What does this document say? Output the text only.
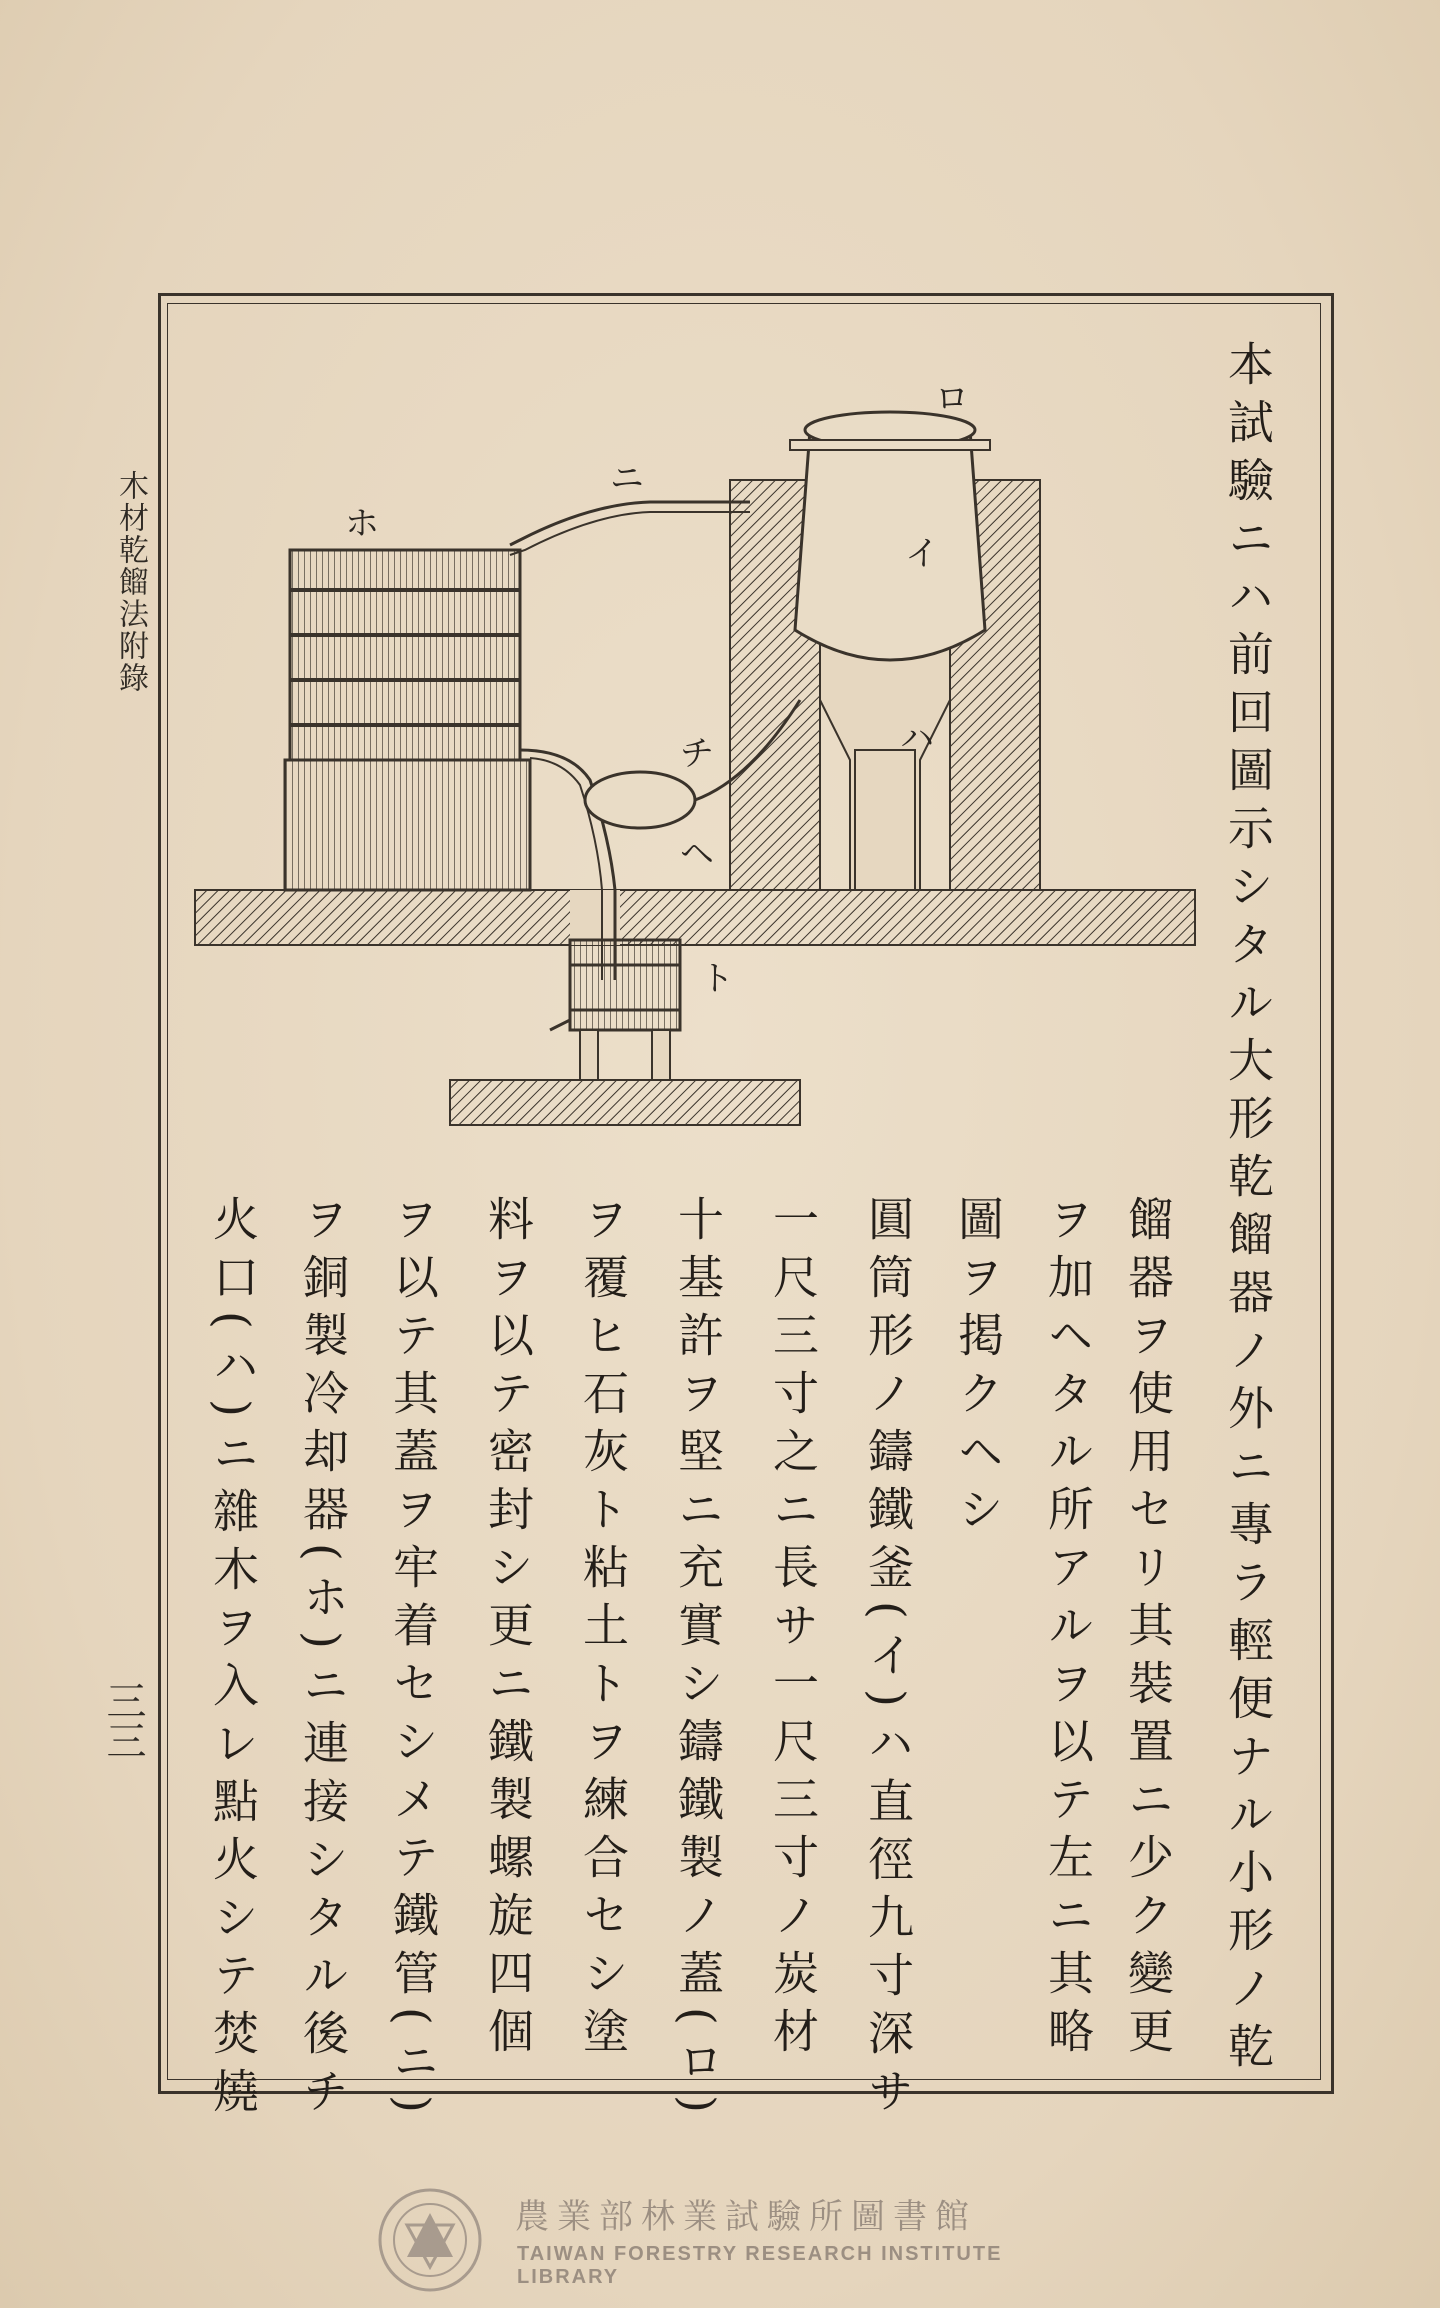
木材乾餾法附錄
三三
ロ
イ
ハ
ニ
ホ
チ
ヘ
ト	本試驗ニハ前回圖示シタル大形乾餾器ノ外ニ專ラ輕便ナル小形ノ乾
餾器ヲ使用セリ其裝置ニ少ク變更
ヲ加ヘタル所アルヲ以テ左ニ其略
圖ヲ掲クヘシ
圓筒形ノ鑄鐵釜(イ)ハ直徑九寸深サ
一尺三寸之ニ長サ一尺三寸ノ炭材
十基許ヲ堅ニ充實シ鑄鐵製ノ蓋(ロ)
ヲ覆ヒ石灰ト粘土トヲ練合セシ塗
料ヲ以テ密封シ更ニ鐵製螺旋四個
ヲ以テ其蓋ヲ牢着セシメテ鐵管(ニ)
ヲ銅製冷却器(ホ)ニ連接シタル後チ
火口(ハ)ニ雜木ヲ入レ點火シテ焚燒
農業部林業試驗所圖書館
TAIWAN FORESTRY RESEARCH INSTITUTE LIBRARY
